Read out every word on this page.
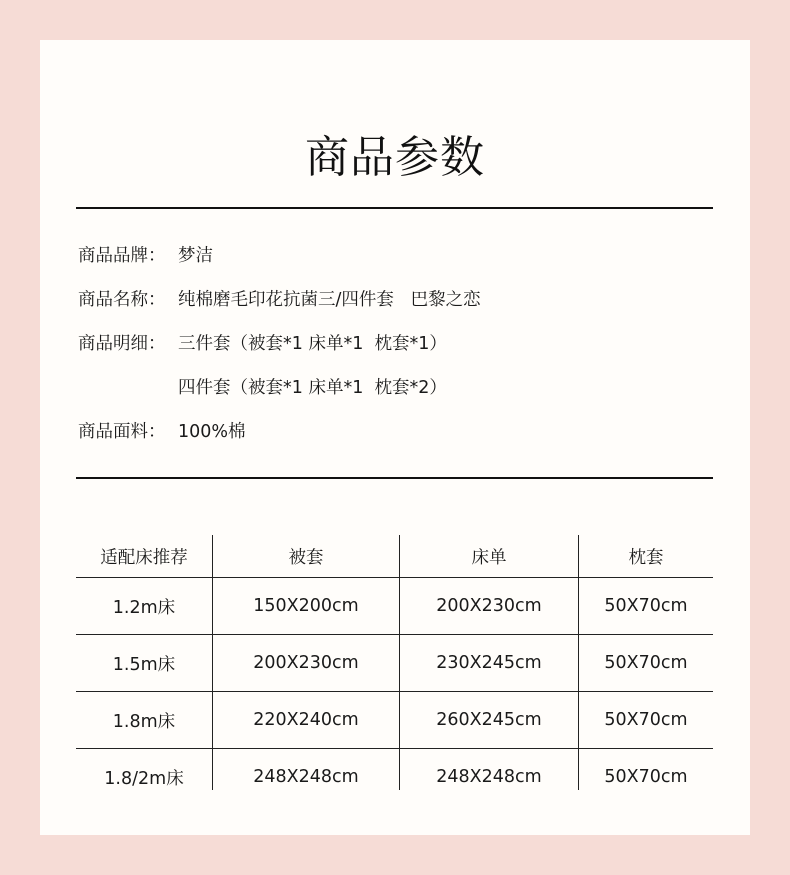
商品参数
商品品牌： 梦洁
商品名称： 纯棉磨毛印花抗菌三/四件套   巴黎之恋
商品明细： 三件套（被套*1 床单*1  枕套*1）
四件套（被套*1 床单*1  枕套*2）
商品面料： 100%棉
适配床推荐	被套	床单	枕套
1.2m床	150X200cm	200X230cm	50X70cm
1.5m床	200X230cm	230X245cm	50X70cm
1.8m床	220X240cm	260X245cm	50X70cm
1.8/2m床	248X248cm	248X248cm	50X70cm
